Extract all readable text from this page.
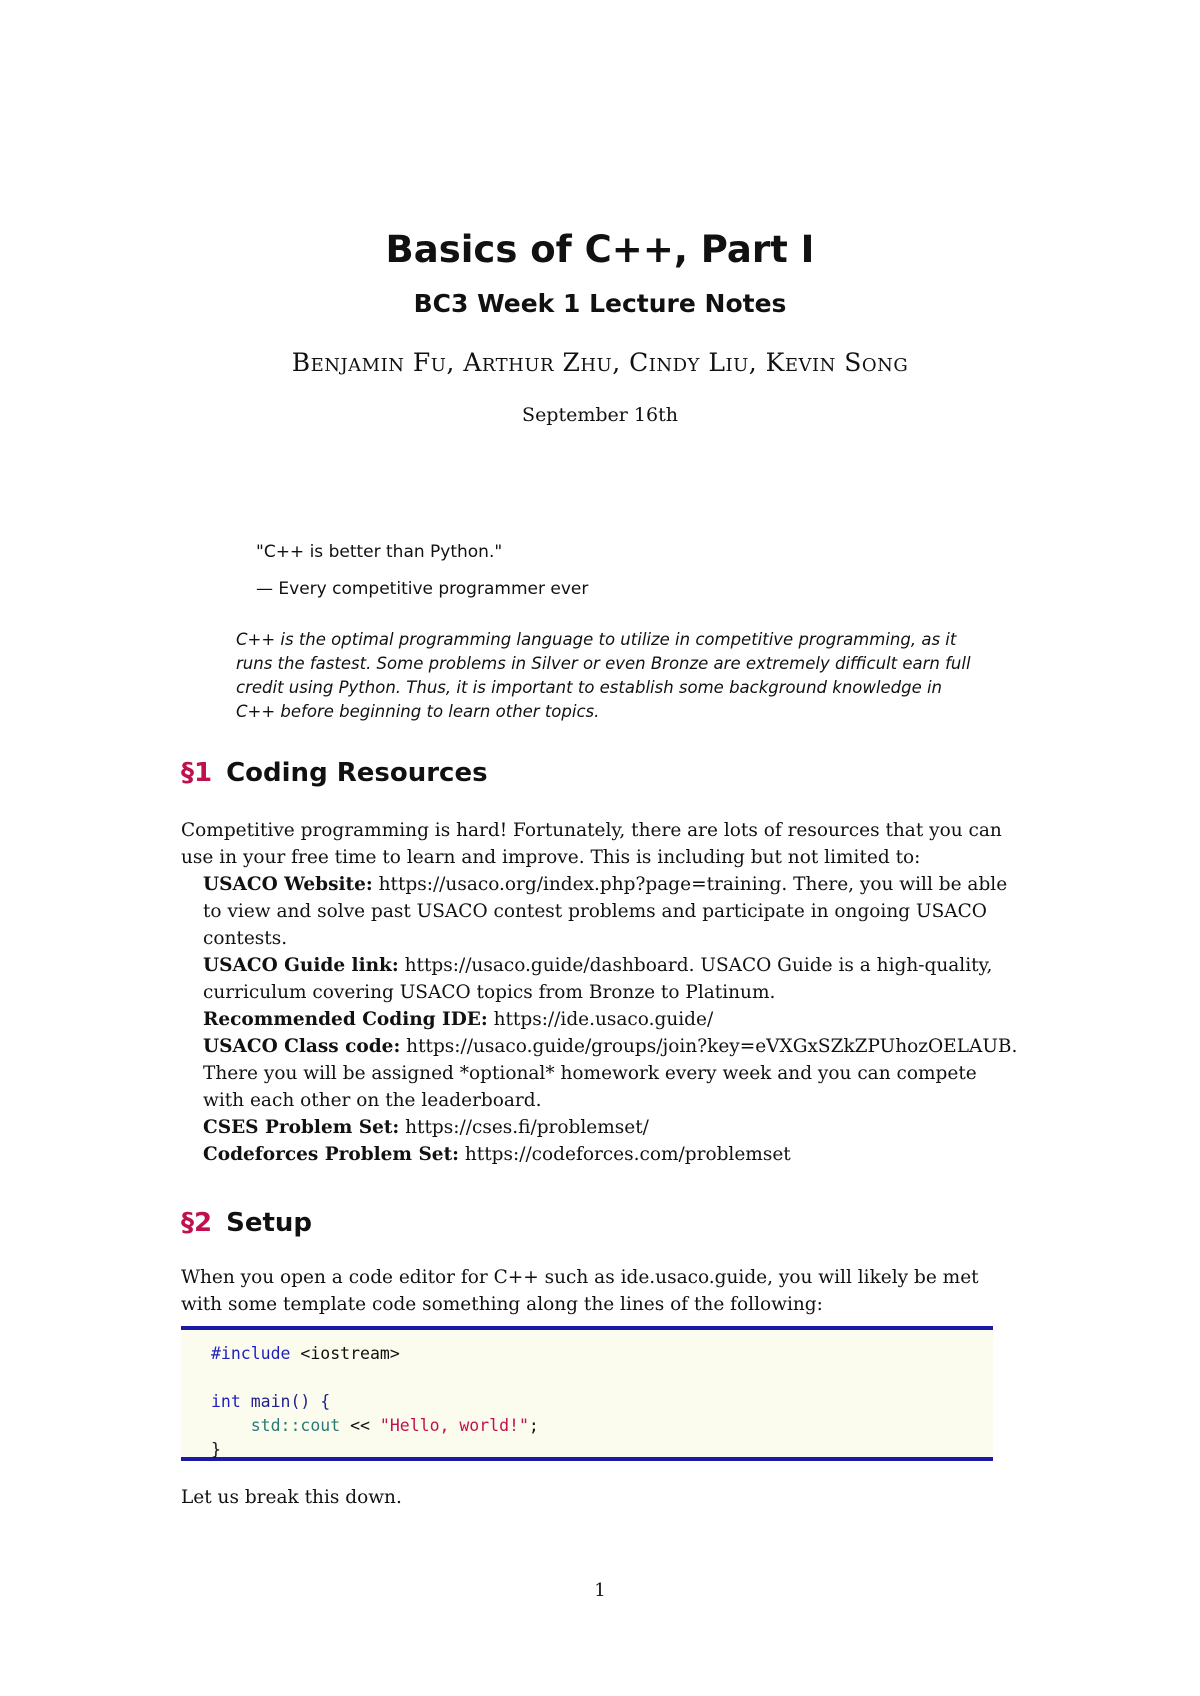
Basics of C++, Part I
BC3 Week 1 Lecture Notes
Benjamin Fu, Arthur Zhu, Cindy Liu, Kevin Song
September 16th
"C++ is better than Python."
— Every competitive programmer ever

C++ is the optimal programming language to utilize in competitive programming, as it runs the fastest. Some problems in Silver or even Bronze are extremely difficult earn full credit using Python. Thus, it is important to establish some background knowledge in C++ before beginning to learn other topics.

§1 Coding Resources

Competitive programming is hard! Fortunately, there are lots of resources that you can use in your free time to learn and improve. This is including but not limited to:

USACO Website: https://usaco.org/index.php?page=training. There, you will be able to view and solve past USACO contest problems and participate in ongoing USACO contests.

USACO Guide link: https://usaco.guide/dashboard. USACO Guide is a high-quality, curriculum covering USACO topics from Bronze to Platinum.

Recommended Coding IDE: https://ide.usaco.guide/

USACO Class code: https://usaco.guide/groups/join?key=eVXGxSZkZPUhozOELAUB. There you will be assigned *optional* homework every week and you can compete with each other on the leaderboard.

CSES Problem Set: https://cses.fi/problemset/

Codeforces Problem Set: https://codeforces.com/problemset

§2 Setup

When you open a code editor for C++ such as ide.usaco.guide, you will likely be met with some template code something along the lines of the following:

#include <iostream>

int main() {
std::cout << "Hello, world!";
}

Let us break this down.

1
